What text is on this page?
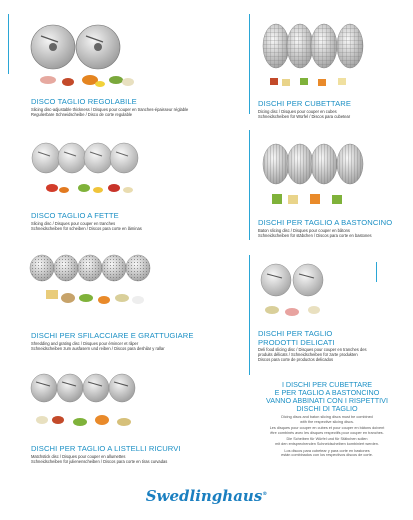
DISCO TAGLIO REGOLABILE
Slicing disc-adjustable thickness / Disques pour couper en tranches-épaisseur réglable
Regulierbare Schneidscheibe / Disco de corte regulable
DISCO TAGLIO A FETTE
Slicing disc / Disques pour couper en tranches
Schneidscheiben für scheiben / Discos para corte en láminas
DISCHI PER SFILACCIARE E GRATTUGIARE
Shredding and grating disc / Disques pour émincer et râper
Schneidscheiben zum ausfasern und reiben / Discos para deshilar y rallar
DISCHI PER TAGLIO A LISTELLI RICURVI
Matchstick disc / Disques pour couper en allumettes
Schneidscheiben für julienenscheiben / Discos para corte en tiras curvadas
DISCHI PER CUBETTARE
Dicing disc / Disques pour couper en cubes
Schneidscheiben für Würfel / Discos para cubetear
DISCHI PER TAGLIO A BASTONCINO
Baton slicing disc / Disques pour couper en bâtons
Schneidscheiben für stäbchen / Discos para corte en bastones
DISCHI PER TAGLIO
PRODOTTI DELICATI
Deli food slicing disc / Disques pour couper en tranches des
produits délicats / Schneidscheiben für zarte produkten
Discos para corte de productos delicados
I DISCHI PER CUBETTARE
E PER TAGLIO A BASTONCINO
VANNO ABBINATI CON I RISPETTIVI
DISCHI DI TAGLIO
Dicing discs and baton slicing discs must be combined
with the respective slicing discs.
Les disques pour couper en cubes et pour couper en bâtons doivent
être combinés avec les disques respectifs pour couper en tranches.
Die Scheiben für Würfel und für Stäbchen sollen
mit den entsprechenden Schneidscheiben kombiniert werden.
Los discos para cubetear y para corte en bastones
están combinados con los respectivos discos de corte.
Swedlinghaus®
